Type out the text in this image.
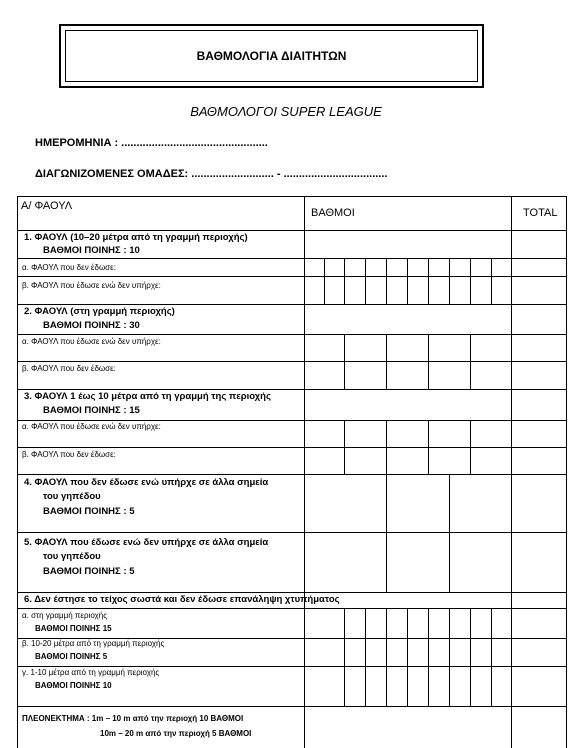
ΒΑΘΜΟΛΟΓΙΑ ΔΙΑΙΤΗΤΩΝ
ΒΑΘΜΟΛΟΓΟΙ SUPER LEAGUE
ΗΜΕΡΟΜΗΝΙΑ : ................................................
ΔΙΑΓΩΝΙΖΟΜΕΝΕΣ ΟΜΑΔΕΣ: ........................... - ..................................
Α/ ΦΑΟΥΛ
ΒΑΘΜΟΙ	TOTAL
1. ΦΑΟΥΛ (10–20 μέτρα από τη γραμμή περιοχής)
ΒΑΘΜΟΙ ΠΟΙΝΗΣ : 10
α. ΦΑΟΥΛ που δεν έδωσε:
β. ΦΑΟΥΛ που έδωσε ενώ δεν υπήρχε:
2. ΦΑΟΥΛ (στη γραμμή περιοχής)
ΒΑΘΜΟΙ ΠΟΙΝΗΣ : 30
α. ΦΑΟΥΛ που έδωσε ενώ δεν υπήρχε:
β. ΦΑΟΥΛ που δεν έδωσε:
3. ΦΑΟΥΛ 1 έως 10 μέτρα από τη γραμμή της περιοχής
ΒΑΘΜΟΙ ΠΟΙΝΗΣ : 15
α. ΦΑΟΥΛ που έδωσε ενώ δεν υπήρχε:
β. ΦΑΟΥΛ που δεν έδωσε:
4. ΦΑΟΥΛ που δεν έδωσε ενώ υπήρχε σε άλλα σημεία
του γηπέδου
ΒΑΘΜΟΙ ΠΟΙΝΗΣ : 5
5. ΦΑΟΥΛ που έδωσε ενώ δεν υπήρχε σε άλλα σημεία
του γηπέδου
ΒΑΘΜΟΙ ΠΟΙΝΗΣ : 5
6. Δεν έστησε το τείχος σωστά και δεν έδωσε επανάληψη χτυπήματος
α. στη γραμμή περιοχής
ΒΑΘΜΟΙ ΠΟΙΝΗΣ 15
β. 10-20 μέτρα από τη γραμμή περιοχής
ΒΑΘΜΟΙ ΠΟΙΝΗΣ 5
γ. 1-10 μέτρα από τη γραμμή περιοχής
ΒΑΘΜΟΙ ΠΟΙΝΗΣ 10
ΠΛΕΟΝΕΚΤΗΜΑ : 1m – 10 m από την περιοχή 10 ΒΑΘΜΟΙ
10m – 20 m από την περιοχή 5 ΒΑΘΜΟΙ
